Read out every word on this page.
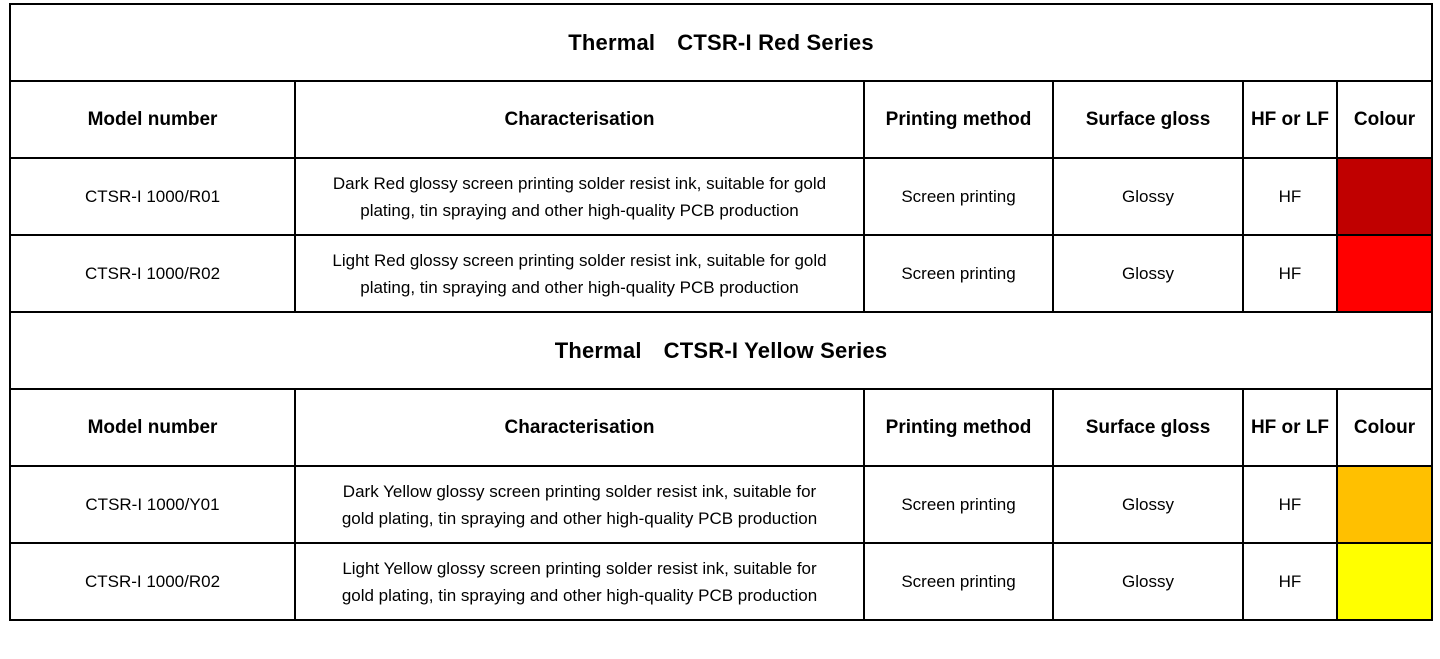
Thermal CTSR-I Red Series					
Model number	Characterisation	Printing method	Surface gloss	HF or LF	Colour
CTSR-I 1000/R01	Dark Red glossy screen printing solder resist ink, suitable for gold
plating, tin spraying and other high-quality PCB production	Screen printing	Glossy	HF	
CTSR-I 1000/R02	Light Red glossy screen printing solder resist ink, suitable for gold
plating, tin spraying and other high-quality PCB production	Screen printing	Glossy	HF	
Thermal CTSR-I Yellow Series					
Model number	Characterisation	Printing method	Surface gloss	HF or LF	Colour
CTSR-I 1000/Y01	Dark Yellow glossy screen printing solder resist ink, suitable for
gold plating, tin spraying and other high-quality PCB production	Screen printing	Glossy	HF	
CTSR-I 1000/R02	Light Yellow glossy screen printing solder resist ink, suitable for
gold plating, tin spraying and other high-quality PCB production	Screen printing	Glossy	HF	
